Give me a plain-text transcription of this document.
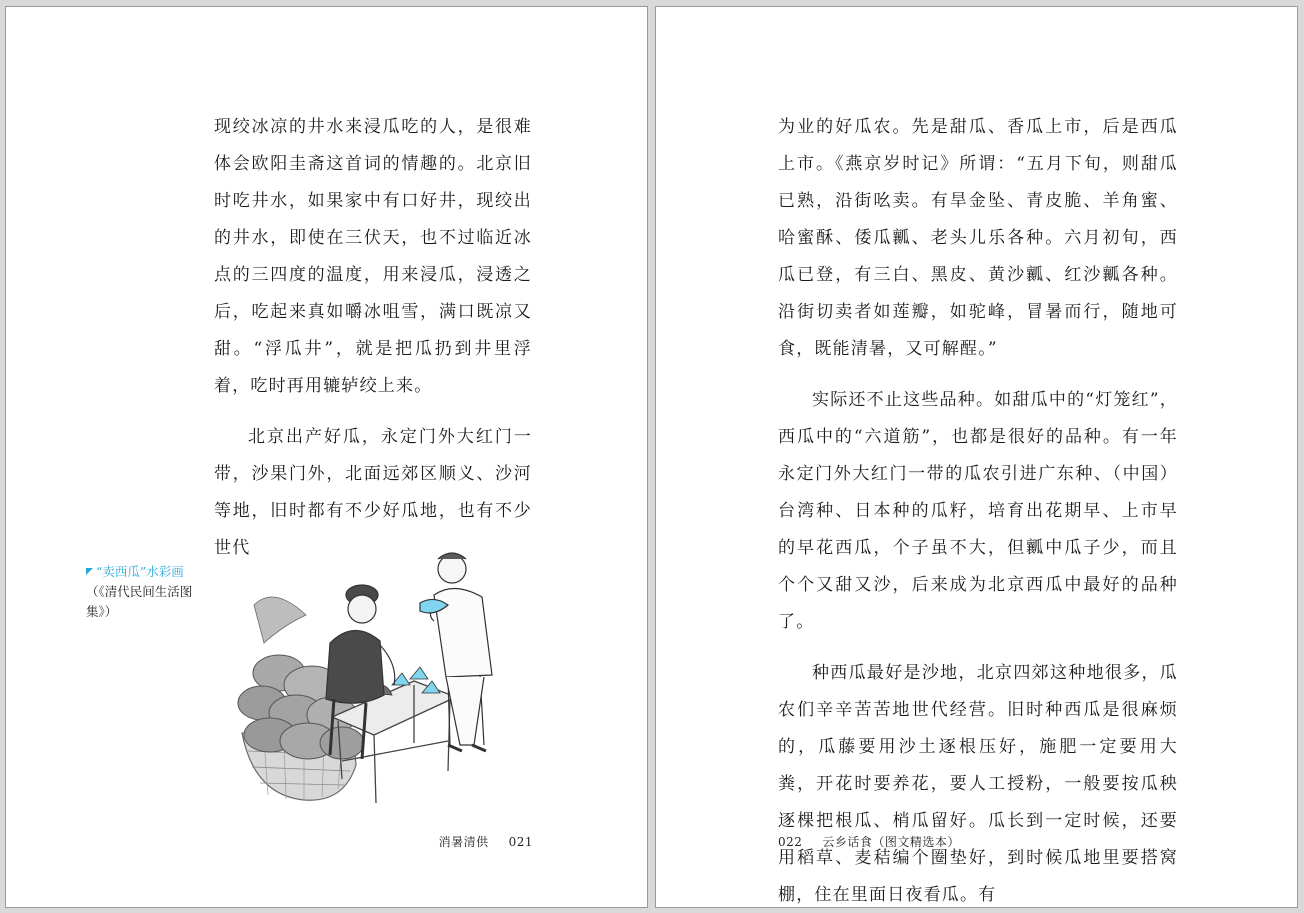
现绞冰凉的井水来浸瓜吃的人，是很难体会欧阳圭斋这首词的情趣的。北京旧时吃井水，如果家中有口好井，现绞出的井水，即使在三伏天，也不过临近冰点的三四度的温度，用来浸瓜，浸透之后，吃起来真如嚼冰咀雪，满口既凉又甜。“浮瓜井”，就是把瓜扔到井里浮着，吃时再用辘轳绞上来。

北京出产好瓜，永定门外大红门一带，沙果门外，北面远郊区顺义、沙河等地，旧时都有不少好瓜地，也有不少世代

“卖西瓜”水彩画
（《清代民间生活图集》）
消暑清供 021

为业的好瓜农。先是甜瓜、香瓜上市，后是西瓜上市。《燕京岁时记》所谓：“五月下旬，则甜瓜已熟，沿街吆卖。有旱金坠、青皮脆、羊角蜜、哈蜜酥、倭瓜瓤、老头儿乐各种。六月初旬，西瓜已登，有三白、黑皮、黄沙瓤、红沙瓤各种。沿街切卖者如莲瓣，如驼峰，冒暑而行，随地可食，既能清暑，又可解酲。”

实际还不止这些品种。如甜瓜中的“灯笼红”，西瓜中的“六道筋”，也都是很好的品种。有一年永定门外大红门一带的瓜农引进广东种、（中国）台湾种、日本种的瓜籽，培育出花期早、上市早的早花西瓜，个子虽不大，但瓤中瓜子少，而且个个又甜又沙，后来成为北京西瓜中最好的品种了。

种西瓜最好是沙地，北京四郊这种地很多，瓜农们辛辛苦苦地世代经营。旧时种西瓜是很麻烦的，瓜藤要用沙土逐根压好，施肥一定要用大粪，开花时要养花，要人工授粉，一般要按瓜秧逐棵把根瓜、梢瓜留好。瓜长到一定时候，还要用稻草、麦秸编个圈垫好，到时候瓜地里要搭窝棚，住在里面日夜看瓜。有

022 云乡话食（图文精选本）
